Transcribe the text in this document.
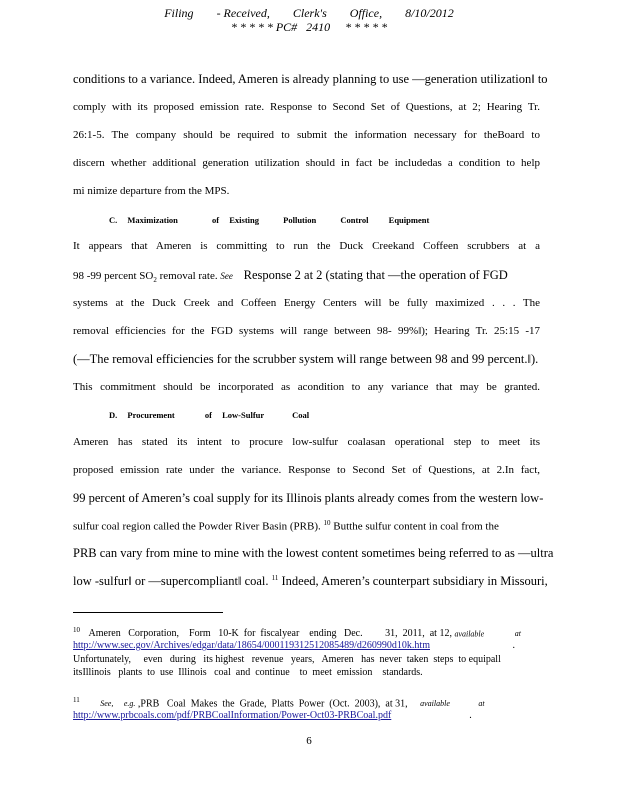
Filing - Received, Clerk's Office, 8/10/2012
* * * * * PC#   2410     * * * * *
conditions to a variance. Indeed, Ameren is already planning to use —generation utilization‖ to
comply with its proposed emission rate. Response to Second Set of Questions, at 2; Hearing Tr.
26:1-5. The company should be required to submit the information necessary for theBoard to
discern whether additional generation utilization should in fact be includedas a condition to help
mi nimize departure from the MPS.
C. Maximization	of Existing	Pollution	Control Equipment
It appears that Ameren is committing to run the Duck Creekand Coffeen scrubbers at a
98 -99 percent $SO_2$ removal rate. See Response 2 at 2 (stating that —the operation of FGD
systems at the Duck Creek and Coffeen Energy Centers will be fully maximized . . . The
removal efficiencies for the FGD systems will range between 98- 99%‖); Hearing Tr. 25:15 -17
(—The removal efficiencies for the scrubber system will range between 98 and 99 percent.‖).
This commitment should be incorporated as acondition to any variance that may be granted.
D. Procurement	of Low-Sulfur	Coal
Ameren has stated its intent to procure low-sulfur coalasan operational step to meet its
proposed emission rate under the variance. Response to Second Set of Questions, at 2.In fact,
99 percent of Ameren’s coal supply for its Illinois plants already comes from the western low-
sulfur coal region called the Powder River Basin (PRB). $^{10}$ Butthe sulfur content in coal from the
PRB can vary from mine to mine with the lowest content sometimes being referred to as —ultra
low -sulfur‖ or —supercompliant‖ coal. $^{11}$ Indeed, Ameren’s counterpart subsidiary in Missouri,
$^{10}$ Ameren   Corporation,    Form   10-K  for  fiscalyear    ending   Dec.         31,  2011,  at 12, available	at
http://www.sec.gov/Archives/edgar/data/18654/000119312512085489/d260990d10k.htm	.
Unfortunately,     even   during   its highest   revenue   years,   Ameren   has  never  taken  steps  to equipall
itsIllinois   plants  to  use  Illinois   coal  and  continue    to  meet  emission    standards.
$^{11}$	See, e.g. ,PRB   Coal  Makes  the  Grade,  Platts  Power  (Oct.  2003),  at 31, available	at
http://www.prbcoals.com/pdf/PRBCoalInformation/Power-Oct03-PRBCoal.pdf	.
6
